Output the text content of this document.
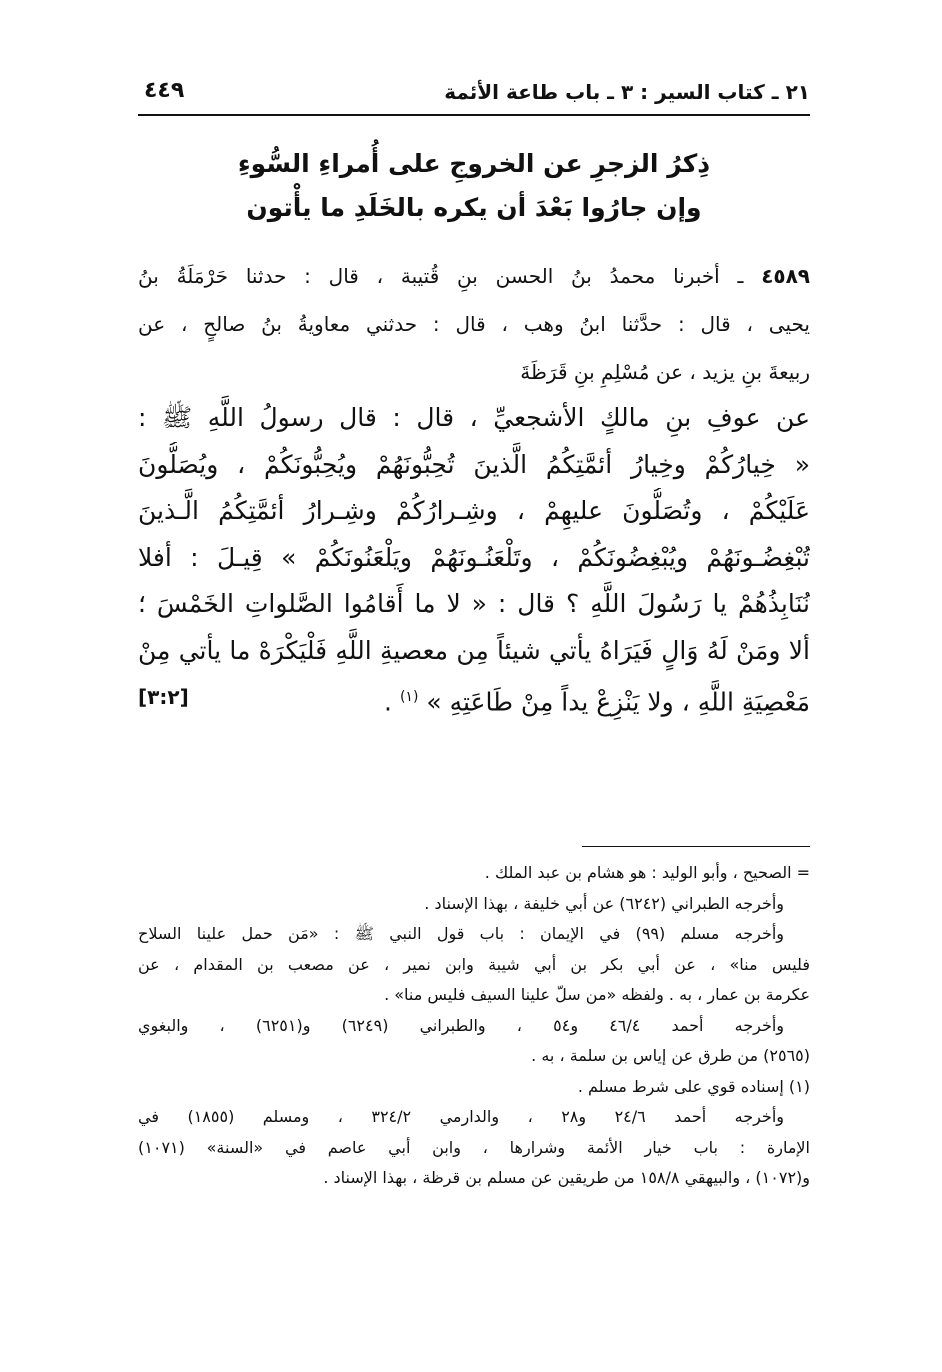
٢١ ـ كتاب السير : ٣ ـ باب طاعة الأئمة
٤٤٩
ذِكرُ الزجرِ عن الخروجِ على أُمراءِ السُّوءِ
وإن جارُوا بَعْدَ أن يكره بالخَلَدِ ما يأْتون
٤٥٨٩ ـ أخبرنا محمدُ بنُ الحسن بنِ قُتيبة ، قال : حدثنا حَرْمَلَةُ بنُ
يحيى ، قال : حدَّثنا ابنُ وهب ، قال : حدثني معاويةُ بنُ صالحٍ ، عن
ربيعةَ بنِ يزيد ، عن مُسْلِمِ بنِ قَرَظَةَ
عن عوفِ بنِ مالكٍ الأشجعيِّ ، قال : قال رسولُ اللَّهِ ﷺ :
« خِيارُكُمْ وخِيارُ أئمَّتِكُمُ الَّذينَ تُحِبُّونَهُمْ ويُحِبُّونَكُمْ ، ويُصَلُّونَ
عَلَيْكُمْ ، وتُصَلُّونَ عليهِمْ ، وشِـرارُكُمْ وشِـرارُ أئمَّتِكُمُ الَّـذينَ
تُبْغِضُـونَهُمْ ويُبْغِضُونَكُمْ ، وتَلْعَنُـونَهُمْ ويَلْعَنُونَكُمْ » قِيـلَ : أفلا
نُنَابِذُهُمْ يا رَسُولَ اللَّهِ ؟ قال : « لا ما أَقامُوا الصَّلواتِ الخَمْسَ ؛
ألا ومَنْ لَهُ وَالٍ فَيَرَاهُ يأتي شيئاً مِن معصيةِ اللَّهِ فَلْيَكْرَهْ ما يأتي مِنْ
مَعْصِيَةِ اللَّهِ ، ولا يَنْزِعْ يداً مِنْ طَاعَتِهِ » $^{(١)}$ .
[٣:٢]
= الصحيح ، وأبو الوليد : هو هشام بن عبد الملك .
وأخرجه الطبراني (٦٢٤٢) عن أبي خليفة ، بهذا الإسناد .
وأخرجه مسلم (٩٩) في الإيمان : باب قول النبي ﷺ : «مَن حمل علينا السلاح
فليس منا» ، عن أبي بكر بن أبي شيبة وابن نمير ، عن مصعب بن المقدام ، عن
عكرمة بن عمار ، به . ولفظه «من سلّ علينا السيف فليس منا» .
وأخرجه أحمد ٤٦/٤ و٥٤ ، والطبراني (٦٢٤٩) و(٦٢٥١) ، والبغوي
(٢٥٦٥) من طرق عن إياس بن سلمة ، به .
(١) إسناده قوي على شرط مسلم .
وأخرجه أحمد ٢٤/٦ و٢٨ ، والدارمي ٣٢٤/٢ ، ومسلم (١٨٥٥) في
الإمارة : باب خيار الأئمة وشرارها ، وابن أبي عاصم في «السنة» (١٠٧١)
و(١٠٧٢) ، والبيهقي ١٥٨/٨ من طريقين عن مسلم بن قرظة ، بهذا الإسناد .
